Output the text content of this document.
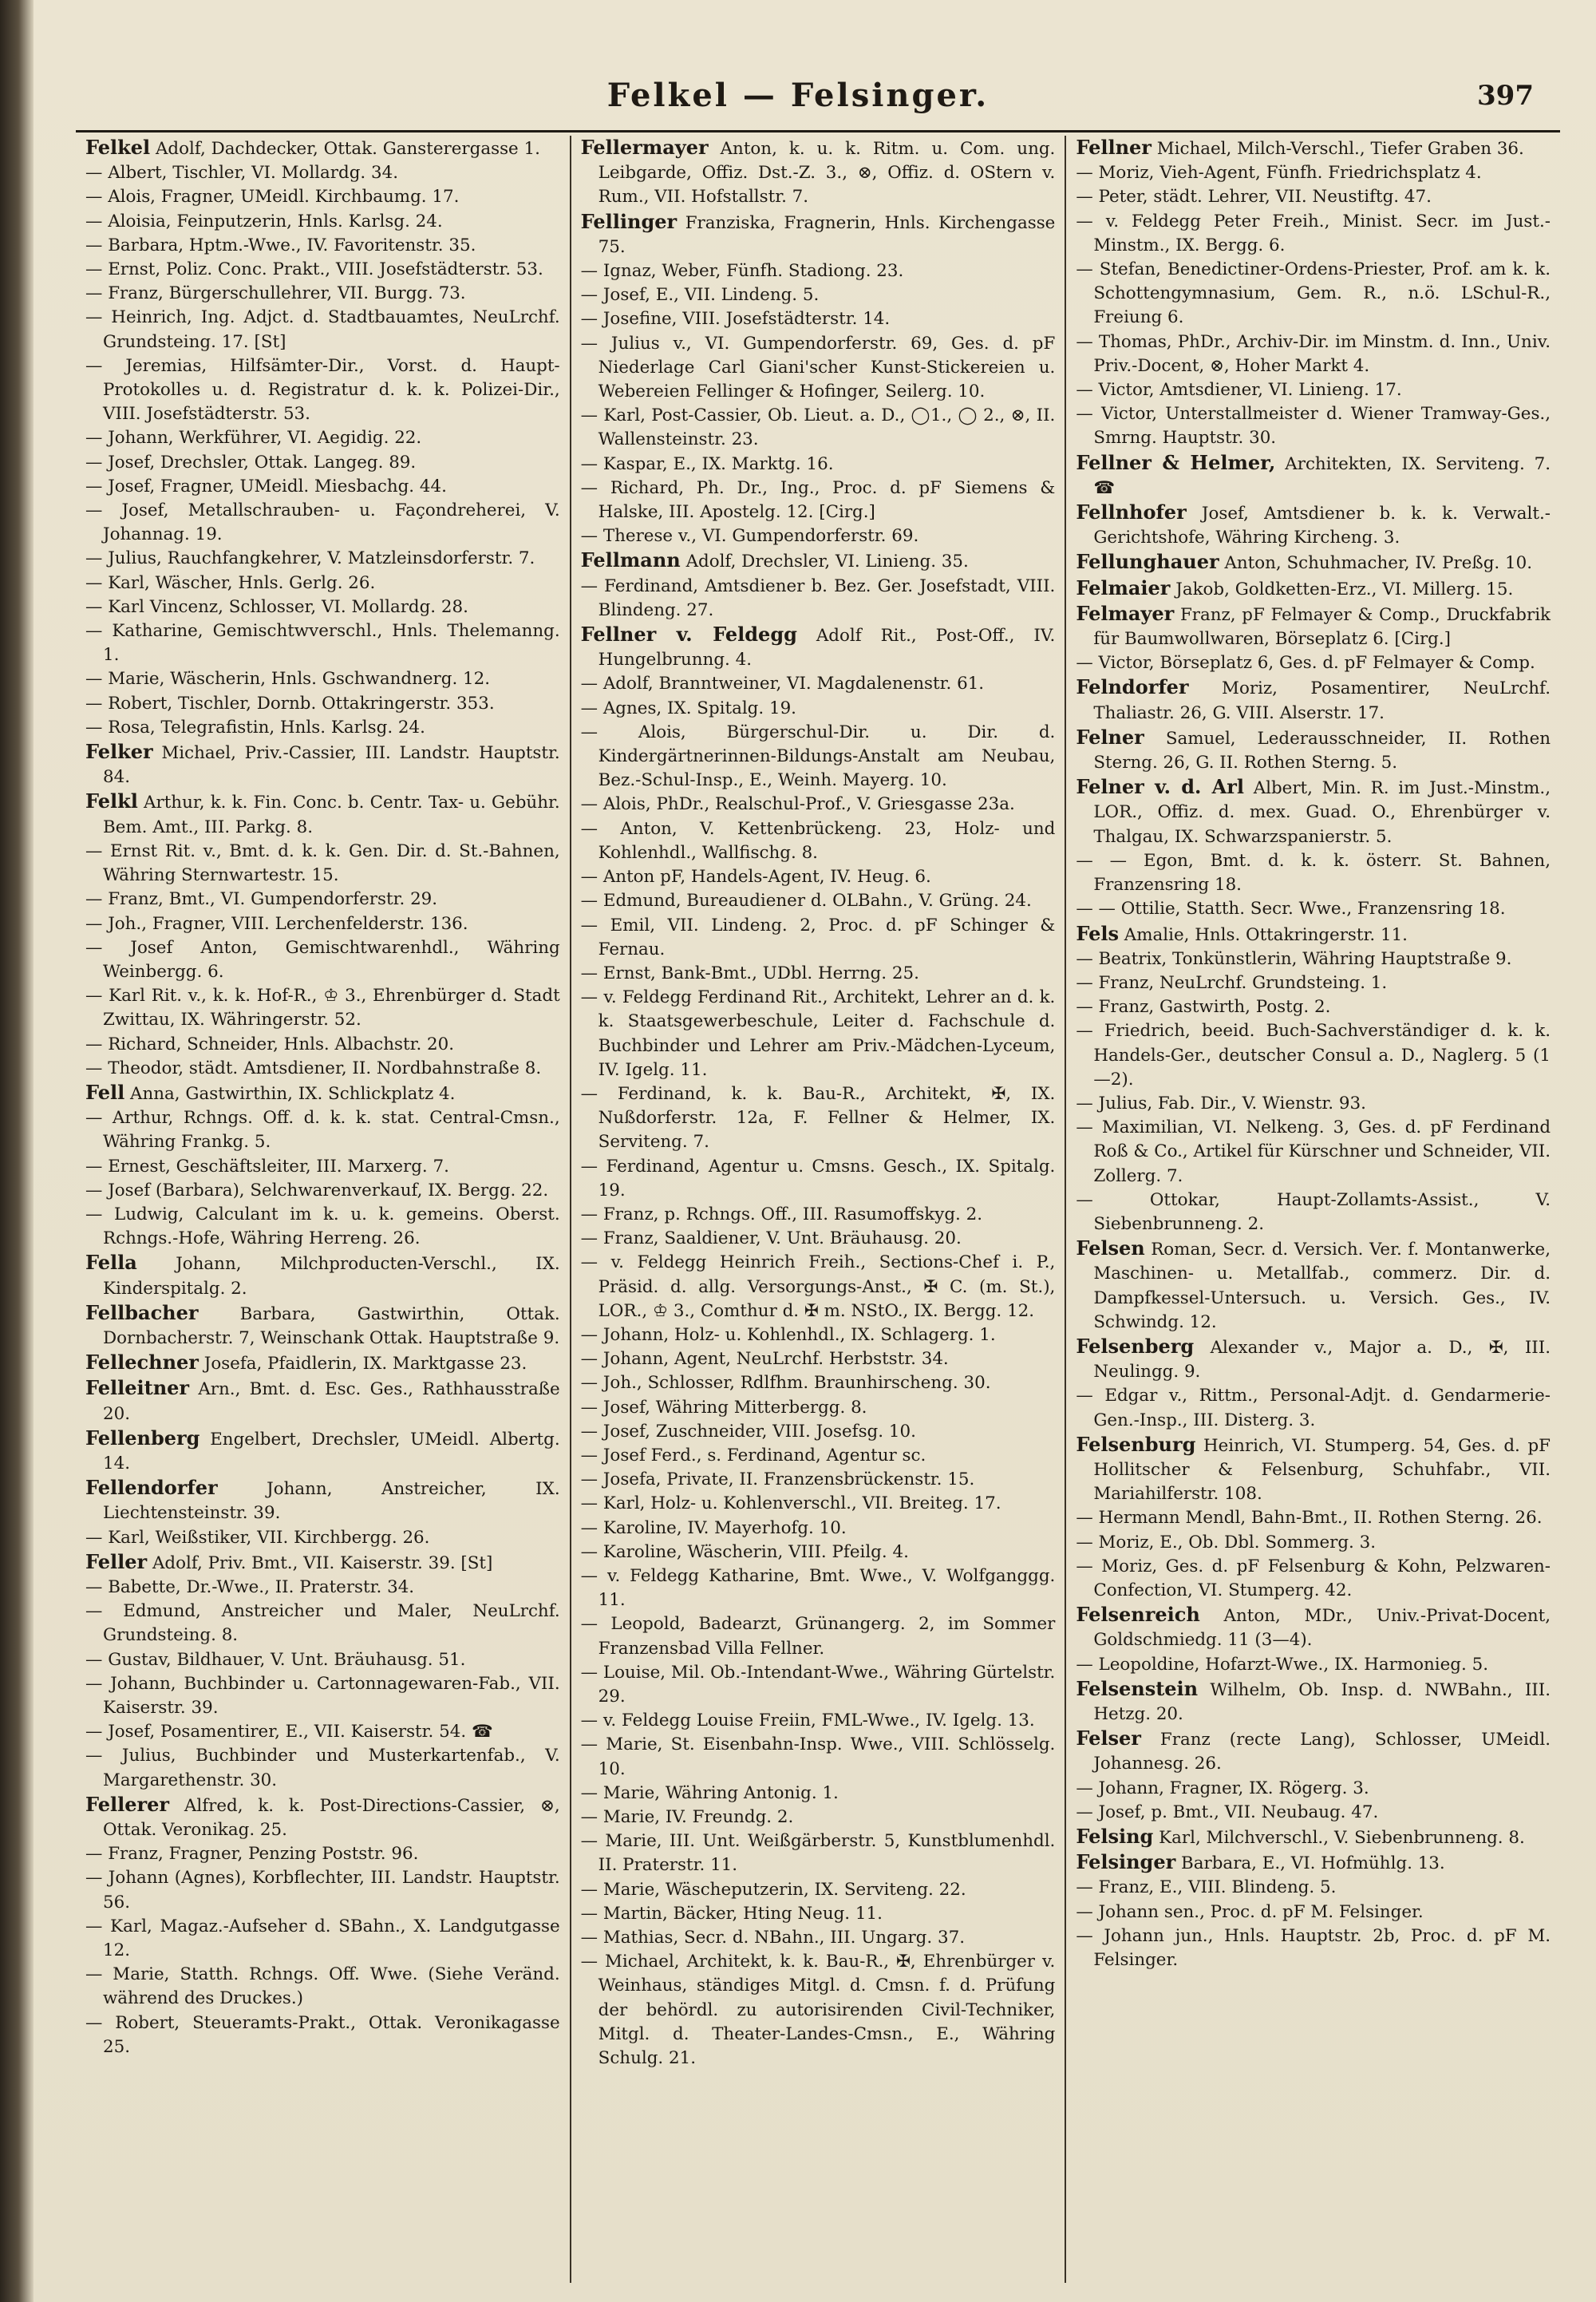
Felkel — Felsinger.	397
Felkel Adolf, Dachdecker, Ottak. Gansterergasse 1.
— Albert, Tischler, VI. Mollardg. 34.
— Alois, Fragner, UMeidl. Kirchbaumg. 17.
— Aloisia, Feinputzerin, Hnls. Karlsg. 24.
— Barbara, Hptm.-Wwe., IV. Favoritenstr. 35.
— Ernst, Poliz. Conc. Prakt., VIII. Josefstädterstr. 53.
— Franz, Bürgerschullehrer, VII. Burgg. 73.
— Heinrich, Ing. Adjct. d. Stadtbauamtes, NeuLrchf. Grundsteing. 17. [St]
— Jeremias, Hilfsämter-Dir., Vorst. d. Haupt-Protokolles u. d. Registratur d. k. k. Polizei-Dir., VIII. Josefstädterstr. 53.
— Johann, Werkführer, VI. Aegidig. 22.
— Josef, Drechsler, Ottak. Langeg. 89.
— Josef, Fragner, UMeidl. Miesbachg. 44.
— Josef, Metallschrauben- u. Façondreherei, V. Johannag. 19.
— Julius, Rauchfangkehrer, V. Matzleinsdorferstr. 7.
— Karl, Wäscher, Hnls. Gerlg. 26.
— Karl Vincenz, Schlosser, VI. Mollardg. 28.
— Katharine, Gemischtwverschl., Hnls. Thelemanng. 1.
— Marie, Wäscherin, Hnls. Gschwandnerg. 12.
— Robert, Tischler, Dornb. Ottakringerstr. 353.
— Rosa, Telegrafistin, Hnls. Karlsg. 24.
Felker Michael, Priv.-Cassier, III. Landstr. Hauptstr. 84.
Felkl Arthur, k. k. Fin. Conc. b. Centr. Tax- u. Gebühr. Bem. Amt., III. Parkg. 8.
— Ernst Rit. v., Bmt. d. k. k. Gen. Dir. d. St.-Bahnen, Währing Sternwartestr. 15.
— Franz, Bmt., VI. Gumpendorferstr. 29.
— Joh., Fragner, VIII. Lerchenfelderstr. 136.
— Josef Anton, Gemischtwarenhdl., Währing Weinbergg. 6.
— Karl Rit. v., k. k. Hof-R., ♔ 3., Ehrenbürger d. Stadt Zwittau, IX. Währingerstr. 52.
— Richard, Schneider, Hnls. Albachstr. 20.
— Theodor, städt. Amtsdiener, II. Nordbahnstraße 8.
Fell Anna, Gastwirthin, IX. Schlickplatz 4.
— Arthur, Rchngs. Off. d. k. k. stat. Central-Cmsn., Währing Frankg. 5.
— Ernest, Geschäftsleiter, III. Marxerg. 7.
— Josef (Barbara), Selchwarenverkauf, IX. Bergg. 22.
— Ludwig, Calculant im k. u. k. gemeins. Oberst. Rchngs.-Hofe, Währing Herreng. 26.
Fella Johann, Milchproducten-Verschl., IX. Kinderspitalg. 2.
Fellbacher Barbara, Gastwirthin, Ottak. Dornbacherstr. 7, Weinschank Ottak. Hauptstraße 9.
Fellechner Josefa, Pfaidlerin, IX. Marktgasse 23.
Felleitner Arn., Bmt. d. Esc. Ges., Rathhausstraße 20.
Fellenberg Engelbert, Drechsler, UMeidl. Albertg. 14.
Fellendorfer	Johann, Anstreicher, IX. Liechtensteinstr. 39.
— Karl, Weißstiker, VII. Kirchbergg. 26.
Feller Adolf, Priv. Bmt., VII. Kaiserstr. 39. [St]
— Babette, Dr.-Wwe., II. Praterstr. 34.
— Edmund, Anstreicher und Maler, NeuLrchf. Grundsteing. 8.
— Gustav, Bildhauer, V. Unt. Bräuhausg. 51.
— Johann, Buchbinder u. Cartonnagewaren-Fab., VII. Kaiserstr. 39.
— Josef, Posamentirer, E., VII. Kaiserstr. 54. ☎
— Julius, Buchbinder und Musterkartenfab., V. Margarethenstr. 30.
Fellerer Alfred, k. k. Post-Directions-Cassier, ⊗, Ottak. Veronikag. 25.
— Franz, Fragner, Penzing Poststr. 96.
— Johann (Agnes), Korbflechter, III. Landstr. Hauptstr. 56.
— Karl, Magaz.-Aufseher d. SBahn., X. Landgutgasse 12.
— Marie, Statth. Rchngs. Off. Wwe. (Siehe Veränd. während des Druckes.)
— Robert, Steueramts-Prakt., Ottak. Veronikagasse 25.
Fellermayer Anton, k. u. k. Ritm. u. Com. ung. Leibgarde, Offiz. Dst.-Z. 3., ⊗, Offiz. d. OStern v. Rum., VII. Hofstallstr. 7.
Fellinger Franziska, Fragnerin, Hnls. Kirchengasse 75.
— Ignaz, Weber, Fünfh. Stadiong. 23.
— Josef, E., VII. Lindeng. 5.
— Josefine, VIII. Josefstädterstr. 14.
— Julius v., VI. Gumpendorferstr. 69, Ges. d. pF Niederlage Carl Giani'scher Kunst-Stickereien u. Webereien Fellinger & Hofinger, Seilerg. 10.
— Karl, Post-Cassier, Ob. Lieut. a. D., ◯1., ◯ 2., ⊗, II. Wallensteinstr. 23.
— Kaspar, E., IX. Marktg. 16.
— Richard, Ph. Dr., Ing., Proc. d. pF Siemens & Halske, III. Apostelg. 12. [Cirg.]
— Therese v., VI. Gumpendorferstr. 69.
Fellmann Adolf, Drechsler, VI. Linieng. 35.
— Ferdinand, Amtsdiener b. Bez. Ger. Josefstadt, VIII. Blindeng. 27.
Fellner v. Feldegg Adolf Rit., Post-Off., IV. Hungelbrunng. 4.
— Adolf, Branntweiner, VI. Magdalenenstr. 61.
— Agnes, IX. Spitalg. 19.
— Alois, Bürgerschul-Dir. u. Dir. d. Kindergärtnerinnen-Bildungs-Anstalt am Neubau, Bez.-Schul-Insp., E., Weinh. Mayerg. 10.
— Alois, PhDr., Realschul-Prof., V. Griesgasse 23a.
— Anton, V. Kettenbrückeng. 23, Holz- und Kohlenhdl., Wallfischg. 8.
— Anton pF, Handels-Agent, IV. Heug. 6.
— Edmund, Bureaudiener d. OLBahn., V. Grüng. 24.
— Emil, VII. Lindeng. 2, Proc. d. pF Schinger & Fernau.
— Ernst, Bank-Bmt., UDbl. Herrng. 25.
— v. Feldegg Ferdinand Rit., Architekt, Lehrer an d. k. k. Staatsgewerbeschule, Leiter d. Fachschule d. Buchbinder und Lehrer am Priv.-Mädchen-Lyceum, IV. Igelg. 11.
— Ferdinand, k. k. Bau-R., Architekt, ✠, IX. Nußdorferstr. 12a, F. Fellner & Helmer, IX. Serviteng. 7.
— Ferdinand, Agentur u. Cmsns. Gesch., IX. Spitalg. 19.
— Franz, p. Rchngs. Off., III. Rasumoffskyg. 2.
— Franz, Saaldiener, V. Unt. Bräuhausg. 20.
— v. Feldegg Heinrich Freih., Sections-Chef i. P., Präsid. d. allg. Versorgungs-Anst., ✠ C. (m. St.), LOR., ♔ 3., Comthur d. ✠ m. NStO., IX. Bergg. 12.
— Johann, Holz- u. Kohlenhdl., IX. Schlagerg. 1.
— Johann, Agent, NeuLrchf. Herbststr. 34.
— Joh., Schlosser, Rdlfhm. Braunhirscheng. 30.
— Josef, Währing Mitterbergg. 8.
— Josef, Zuschneider, VIII. Josefsg. 10.
— Josef Ferd., s. Ferdinand, Agentur sc.
— Josefa, Private, II. Franzensbrückenstr. 15.
— Karl, Holz- u. Kohlenverschl., VII. Breiteg. 17.
— Karoline, IV. Mayerhofg. 10.
— Karoline, Wäscherin, VIII. Pfeilg. 4.
— v. Feldegg Katharine, Bmt. Wwe., V. Wolfganggg. 11.
— Leopold, Badearzt, Grünangerg. 2, im Sommer Franzensbad Villa Fellner.
— Louise, Mil. Ob.-Intendant-Wwe., Währing Gürtelstr. 29.
— v. Feldegg Louise Freiin, FML-Wwe., IV. Igelg. 13.
— Marie, St. Eisenbahn-Insp. Wwe., VIII. Schlösselg. 10.
— Marie, Währing Antonig. 1.
— Marie, IV. Freundg. 2.
— Marie, III. Unt. Weißgärberstr. 5, Kunstblumenhdl. II. Praterstr. 11.
— Marie, Wäscheputzerin, IX. Serviteng. 22.
— Martin, Bäcker, Hting Neug. 11.
— Mathias, Secr. d. NBahn., III. Ungarg. 37.
— Michael, Architekt, k. k. Bau-R., ✠, Ehrenbürger v. Weinhaus, ständiges Mitgl. d. Cmsn. f. d. Prüfung der behördl. zu autorisirenden Civil-Techniker, Mitgl. d. Theater-Landes-Cmsn., E., Währing Schulg. 21.
Fellner Michael, Milch-Verschl., Tiefer Graben 36.
— Moriz, Vieh-Agent, Fünfh. Friedrichsplatz 4.
— Peter, städt. Lehrer, VII. Neustiftg. 47.
— v. Feldegg Peter Freih., Minist. Secr. im Just.-Minstm., IX. Bergg. 6.
— Stefan, Benedictiner-Ordens-Priester, Prof. am k. k. Schottengymnasium, Gem. R., n.ö. LSchul-R., Freiung 6.
— Thomas, PhDr., Archiv-Dir. im Minstm. d. Inn., Univ. Priv.-Docent, ⊗, Hoher Markt 4.
— Victor, Amtsdiener, VI. Linieng. 17.
— Victor, Unterstallmeister d. Wiener Tramway-Ges., Smrng. Hauptstr. 30.
Fellner & Helmer, Architekten, IX. Serviteng. 7. ☎
Fellnhofer Josef, Amtsdiener b. k. k. Verwalt.-Gerichtshofe, Währing Kircheng. 3.
Fellunghauer Anton, Schuhmacher, IV. Preßg. 10.
Felmaier Jakob, Goldketten-Erz., VI. Millerg. 15.
Felmayer Franz, pF Felmayer & Comp., Druckfabrik für Baumwollwaren, Börseplatz 6. [Cirg.]
— Victor, Börseplatz 6, Ges. d. pF Felmayer & Comp.
Felndorfer Moriz, Posamentirer, NeuLrchf. Thaliastr. 26, G. VIII. Alserstr. 17.
Felner Samuel, Lederausschneider, II. Rothen Sterng. 26, G. II. Rothen Sterng. 5.
Felner v. d. Arl Albert, Min. R. im Just.-Minstm., LOR., Offiz. d. mex. Guad. O., Ehrenbürger v. Thalgau, IX. Schwarzspanierstr. 5.
— — Egon, Bmt. d. k. k. österr. St. Bahnen, Franzensring 18.
— — Ottilie, Statth. Secr. Wwe., Franzensring 18.
Fels Amalie, Hnls. Ottakringerstr. 11.
— Beatrix, Tonkünstlerin, Währing Hauptstraße 9.
— Franz, NeuLrchf. Grundsteing. 1.
— Franz, Gastwirth, Postg. 2.
— Friedrich, beeid. Buch-Sachverständiger d. k. k. Handels-Ger., deutscher Consul a. D., Naglerg. 5 (1—2).
— Julius, Fab. Dir., V. Wienstr. 93.
— Maximilian, VI. Nelkeng. 3, Ges. d. pF Ferdinand Roß & Co., Artikel für Kürschner und Schneider, VII. Zollerg. 7.
— Ottokar, Haupt-Zollamts-Assist., V. Siebenbrunneng. 2.
Felsen Roman, Secr. d. Versich. Ver. f. Montanwerke, Maschinen- u. Metallfab., commerz. Dir. d. Dampfkessel-Untersuch. u. Versich. Ges., IV. Schwindg. 12.
Felsenberg Alexander v., Major a. D., ✠, III. Neulingg. 9.
— Edgar v., Rittm., Personal-Adjt. d. Gendarmerie-Gen.-Insp., III. Disterg. 3.
Felsenburg Heinrich, VI. Stumperg. 54, Ges. d. pF Hollitscher & Felsenburg, Schuhfabr., VII. Mariahilferstr. 108.
— Hermann Mendl, Bahn-Bmt., II. Rothen Sterng. 26.
— Moriz, E., Ob. Dbl. Sommerg. 3.
— Moriz, Ges. d. pF Felsenburg & Kohn, Pelzwaren-Confection, VI. Stumperg. 42.
Felsenreich Anton, MDr., Univ.-Privat-Docent, Goldschmiedg. 11 (3—4).
— Leopoldine, Hofarzt-Wwe., IX. Harmonieg. 5.
Felsenstein Wilhelm, Ob. Insp. d. NWBahn., III. Hetzg. 20.
Felser Franz (recte Lang), Schlosser, UMeidl. Johannesg. 26.
— Johann, Fragner, IX. Rögerg. 3.
— Josef, p. Bmt., VII. Neubaug. 47.
Felsing Karl, Milchverschl., V. Siebenbrunneng. 8.
Felsinger Barbara, E., VI. Hofmühlg. 13.
— Franz, E., VIII. Blindeng. 5.
— Johann sen., Proc. d. pF M. Felsinger.
— Johann jun., Hnls. Hauptstr. 2b, Proc. d. pF M. Felsinger.
